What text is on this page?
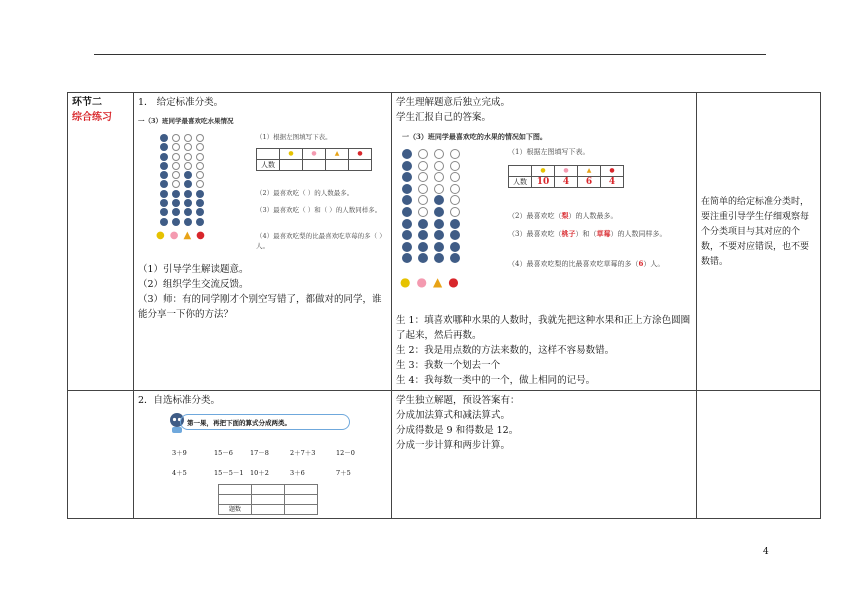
环节二
综合练习

1． 给定标准分类。
一（3）班同学最喜欢吃水果情况
● ● ▲ ●
（1）根据左图填写下表。
	●	●	▲	●
人数				
（2）最喜欢吃（ ）的人数最多。
（3）最喜欢吃（ ）和（ ）的人数同样多。
（4）最喜欢吃梨的比最喜欢吃草莓的多（ ）人。
（1）引导学生解读题意。
（2）组织学生交流反馈。
（3）师：有的同学刚才个别空写错了，都做对的同学，谁能分享一下你的方法？

学生理解题意后独立完成。
学生汇报自己的答案。
一（3）班同学最喜欢吃的水果的情况如下图。
● ● ▲ ●
（1）根据左图填写下表。
	●	●	▲	●
人数	10	4	6	4
（2）最喜欢吃（梨）的人数最多。
（3）最喜欢吃（桃子）和（草莓）的人数同样多。
（4）最喜欢吃梨的比最喜欢吃草莓的多（6）人。
生 1：填喜欢哪种水果的人数时，我就先把这种水果和正上方涂色圆圈了起来，然后再数。
生 2：我是用点数的方法来数的，这样不容易数错。
生 3：我数一个划去一个
生 4：我每数一类中的一个，做上相同的记号。

在简单的给定标准分类时，要注重引导学生仔细观察每个分类项目与其对应的个数，不要对应错误，也不要数错。

2．自选标准分类。
第一果，再把下面的算式分成两类。
3＋9	15－6	17－8	2＋7＋3	12－0
4＋5	15－5－1 10＋2	3＋6	7＋5

题数		

学生独立解题，预设答案有：
分成加法算式和减法算式。
分成得数是 9 和得数是 12。
分成一步计算和两步计算。

4
